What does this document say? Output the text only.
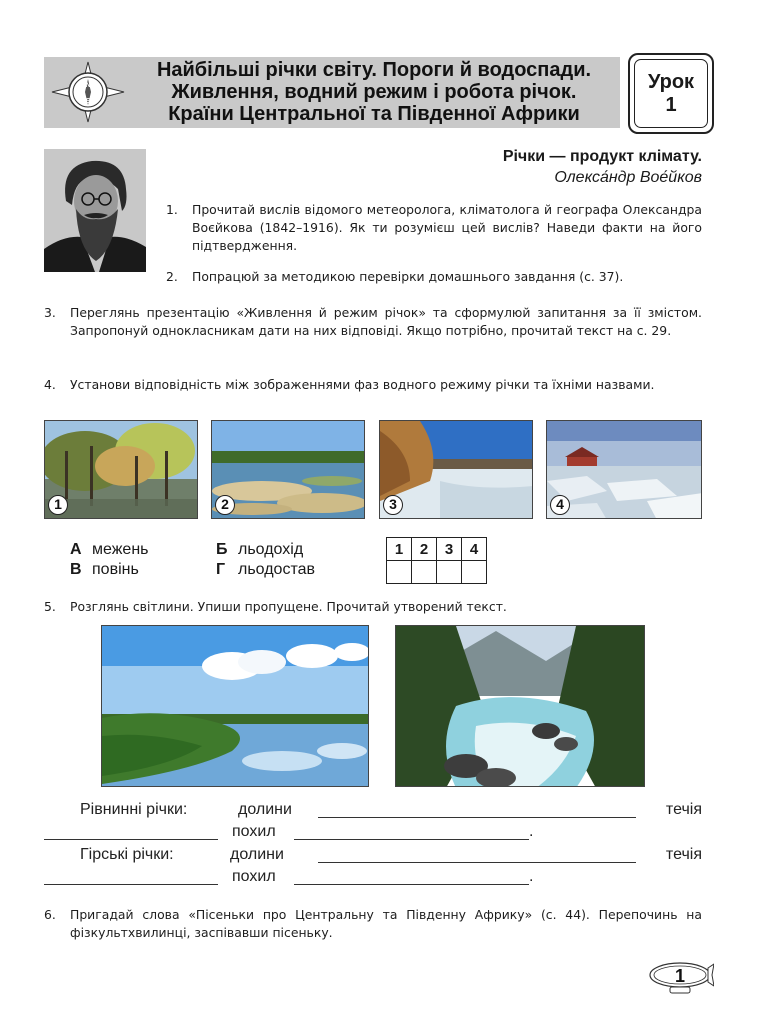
N
S
Найбільші річки світу. Пороги й водоспади.
Живлення, водний режим і робота річок.
Країни Центральної та Південної Африки
Урок
1
Річки — продукт клімату.
Олекса́ндр Вое́йков
1. Прочитай вислів відомого метеоролога, кліматолога й географа Олександра Воєйкова (1842–1916). Як ти розумієш цей вислів? Наведи факти на його підтвердження.
2. Попрацюй за методикою перевірки домашнього завдання (с. 37).
3. Переглянь презентацію «Живлення й режим річок» та сформулюй запитання за її змістом. Запропонуй однокласникам дати на них відповіді. Якщо потрібно, прочитай текст на с. 29.
4. Установи відповідність між зображеннями фаз водного режиму річки та їхніми назвами.
1	2	3	4
А межень
В повінь
Б льодохід
Г льодостав
1	2	3	4

5. Розглянь світлини. Упиши пропущене. Прочитай утворений текст.
Рівнинні річки:	долини	течія
похил	.
Гірські річки:	долини	течія
похил	.
6. Пригадай слова «Пісеньки про Центральну та Південну Африку» (с. 44). Перепочинь на фізкультхвилинці, заспівавши пісеньку.
1
